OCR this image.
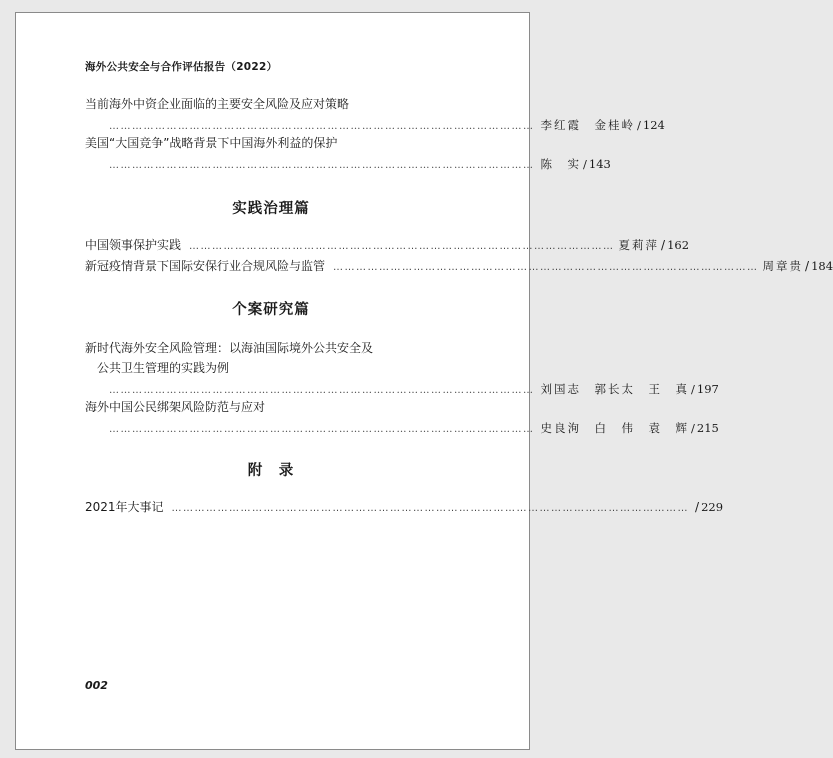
海外公共安全与合作评估报告（2022）
当前海外中资企业面临的主要安全风险及应对策略
………………………………………………………………………………………………… 李红霞　金桂岭 / 124
美国“大国竞争”战略背景下中国海外利益的保护
………………………………………………………………………………………………… 陈　实 / 143
实践治理篇
中国领事保护实践 ………………………………………………………………………………………………… 夏莉萍 / 162
新冠疫情背景下国际安保行业合规风险与监管 ………………………………………………………………………………………………… 周章贵 / 184
个案研究篇
新时代海外安全风险管理：以海油国际境外公共安全及
公共卫生管理的实践为例
………………………………………………………………………………………………… 刘国志　郭长太　王　真 / 197
海外中国公民绑架风险防范与应对
………………………………………………………………………………………………… 史良洵　白　伟　袁　辉 / 215
附　录
2021年大事记 ……………………………………………………………………………………………………………………… / 229
002
